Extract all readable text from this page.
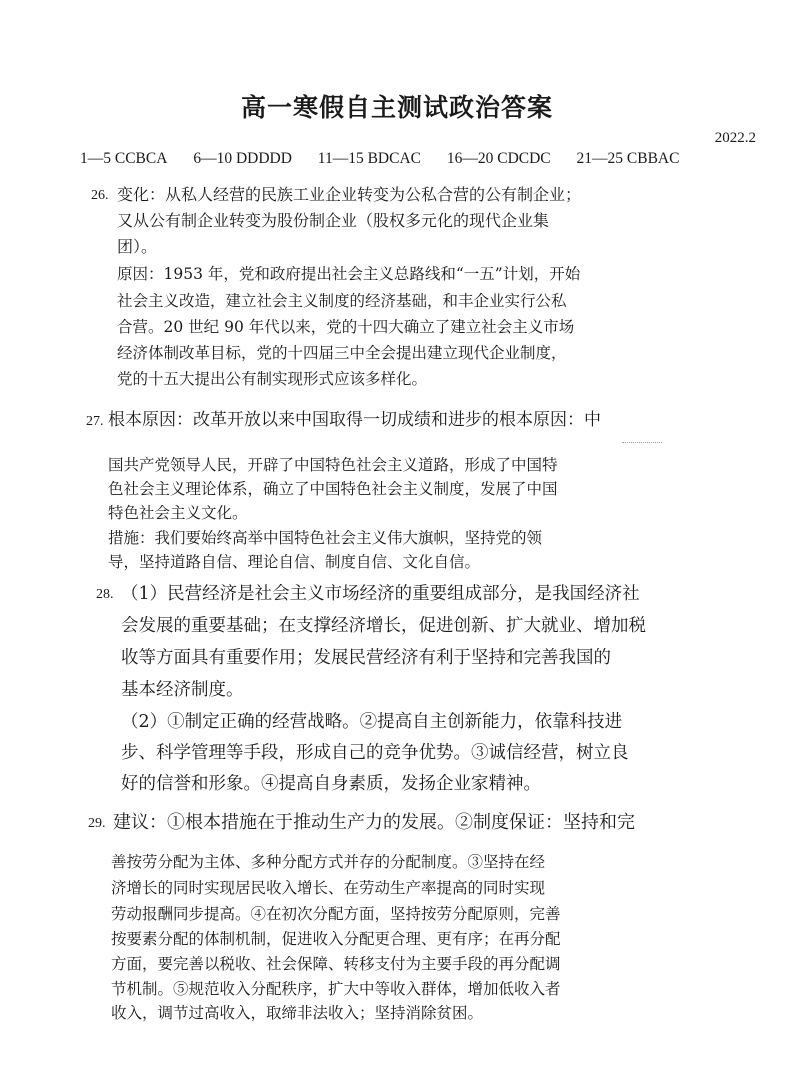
高一寒假自主测试政治答案
2022.2
1—5 CCBCA 6—10 DDDDD 11—15 BDCAC 16—20 CDCDC 21—25 CBBAC
26. 变化：从私人经营的民族工业企业转变为公私合营的公有制企业；
又从公有制企业转变为股份制企业（股权多元化的现代企业集
团）。
原因：1953 年，党和政府提出社会主义总路线和“一五”计划，开始
社会主义改造，建立社会主义制度的经济基础，和丰企业实行公私
合营。20 世纪 90 年代以来，党的十四大确立了建立社会主义市场
经济体制改革目标，党的十四届三中全会提出建立现代企业制度，
党的十五大提出公有制实现形式应该多样化。
27. 根本原因：改革开放以来中国取得一切成绩和进步的根本原因：中
国共产党领导人民，开辟了中国特色社会主义道路，形成了中国特
色社会主义理论体系，确立了中国特色社会主义制度，发展了中国
特色社会主义文化。
措施：我们要始终高举中国特色社会主义伟大旗帜，坚持党的领
导，坚持道路自信、理论自信、制度自信、文化自信。
28. （1）民营经济是社会主义市场经济的重要组成部分，是我国经济社
会发展的重要基础；在支撑经济增长，促进创新、扩大就业、增加税
收等方面具有重要作用；发展民营经济有利于坚持和完善我国的
基本经济制度。
（2）①制定正确的经营战略。②提高自主创新能力，依靠科技进
步、科学管理等手段，形成自己的竞争优势。③诚信经营，树立良
好的信誉和形象。④提高自身素质，发扬企业家精神。
29. 建议：①根本措施在于推动生产力的发展。②制度保证：坚持和完
善按劳分配为主体、多种分配方式并存的分配制度。③坚持在经
济增长的同时实现居民收入增长、在劳动生产率提高的同时实现
劳动报酬同步提高。④在初次分配方面，坚持按劳分配原则，完善
按要素分配的体制机制，促进收入分配更合理、更有序；在再分配
方面，要完善以税收、社会保障、转移支付为主要手段的再分配调
节机制。⑤规范收入分配秩序，扩大中等收入群体，增加低收入者
收入，调节过高收入，取缔非法收入；坚持消除贫困。
